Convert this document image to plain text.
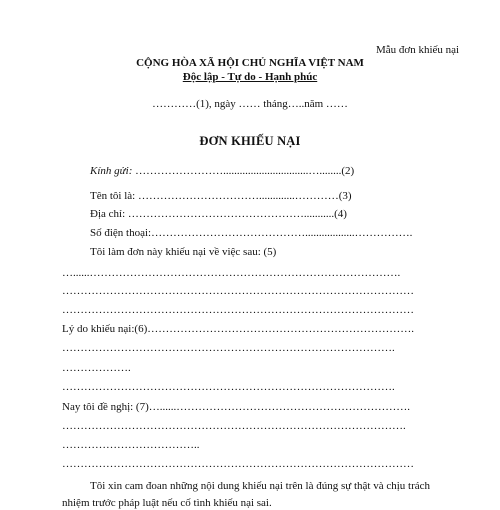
Mẫu đơn khiếu nại
CỘNG HÒA XÃ HỘI CHỦ NGHĨA VIỆT NAM
Độc lập - Tự do - Hạnh phúc
…………(1), ngày …… tháng…..năm ……
ĐƠN KHIẾU NẠI
Kính gửi: ……………………...............................…........(2)
Tên tôi là: …………………………….............…………(3)
Địa chỉ: …………………………………………...........(4)
Số điện thoại:……………………………………..................…………….
Tôi làm đơn này khiếu nại về việc sau: (5)
…......………………………………………………………………………….
……………………………………………………………………………………
……………………………………………………………………………………
Lý do khiếu nại:(6)……………………………………………………………….
……………………………………………………………………………….
……………….
……………………………………………………………………………….
Nay tôi đề nghị: (7)…......……………………………………………………….
………………………………………………………………………………….
………………………………..
……………………………………………………………………………………
Tôi xin cam đoan những nội dung khiếu nại trên là đúng sự thật và chịu trách
nhiệm trước pháp luật nếu cố tình khiếu nại sai.
